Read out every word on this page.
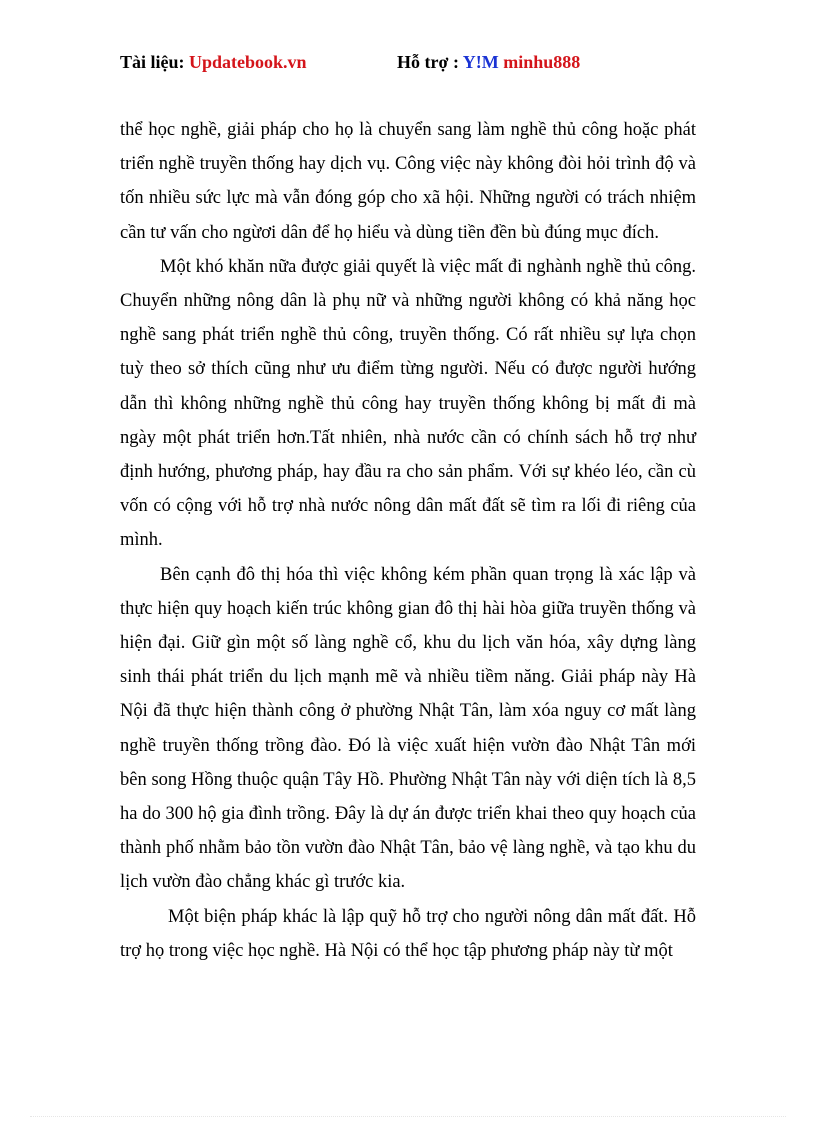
Tài liệu: Updatebook.vn	Hỗ trợ : Y!M minhu888

thể học nghề, giải pháp cho họ là chuyển sang làm nghề thủ công hoặc phát triển nghề truyền thống hay dịch vụ. Công việc này không đòi hỏi trình độ và tốn nhiều sức lực mà vẫn đóng góp cho xã hội. Những người có trách nhiệm cần tư vấn cho ngừơi dân để họ hiểu và dùng tiền đền bù đúng mục đích.

Một khó khăn nữa được giải quyết là việc mất đi nghành nghề thủ công. Chuyển những nông dân là phụ nữ và những người không có khả năng học nghề sang phát triển nghề thủ công, truyền thống. Có rất nhiều sự lựa chọn tuỳ theo sở thích cũng như ưu điểm từng người. Nếu có được người hướng dẫn thì không những nghề thủ công hay truyền thống không bị mất đi mà ngày một phát triển hơn.Tất nhiên, nhà nước cần có chính sách hỗ trợ như định hướng, phương pháp, hay đầu ra cho sản phẩm. Với sự khéo léo, cần cù vốn có cộng với hỗ trợ nhà nước nông dân mất đất sẽ tìm ra lối đi riêng của mình.

Bên cạnh đô thị hóa thì việc không kém phần quan trọng là xác lập và thực hiện quy hoạch kiến trúc không gian đô thị hài hòa giữa truyền thống và hiện đại. Giữ gìn một số làng nghề cổ, khu du lịch văn hóa, xây dựng làng sinh thái phát triển du lịch mạnh mẽ và nhiều tiềm năng. Giải pháp này Hà Nội đã thực hiện thành công ở phường Nhật Tân, làm xóa nguy cơ mất làng nghề truyền thống trồng đào. Đó là việc xuất hiện vườn đào Nhật Tân mới bên song Hồng thuộc quận Tây Hồ. Phường Nhật Tân này với diện tích là 8,5 ha do 300 hộ gia đình trồng. Đây là dự án được triển khai theo quy hoạch của thành phố nhằm bảo tồn vườn đào Nhật Tân, bảo vệ làng nghề, và tạo khu du lịch vườn đào chẳng khác gì trước kia.

Một biện pháp khác là lập quỹ hỗ trợ cho người nông dân mất đất. Hỗ trợ họ trong việc học nghề. Hà Nội có thể học tập phương pháp này từ một
